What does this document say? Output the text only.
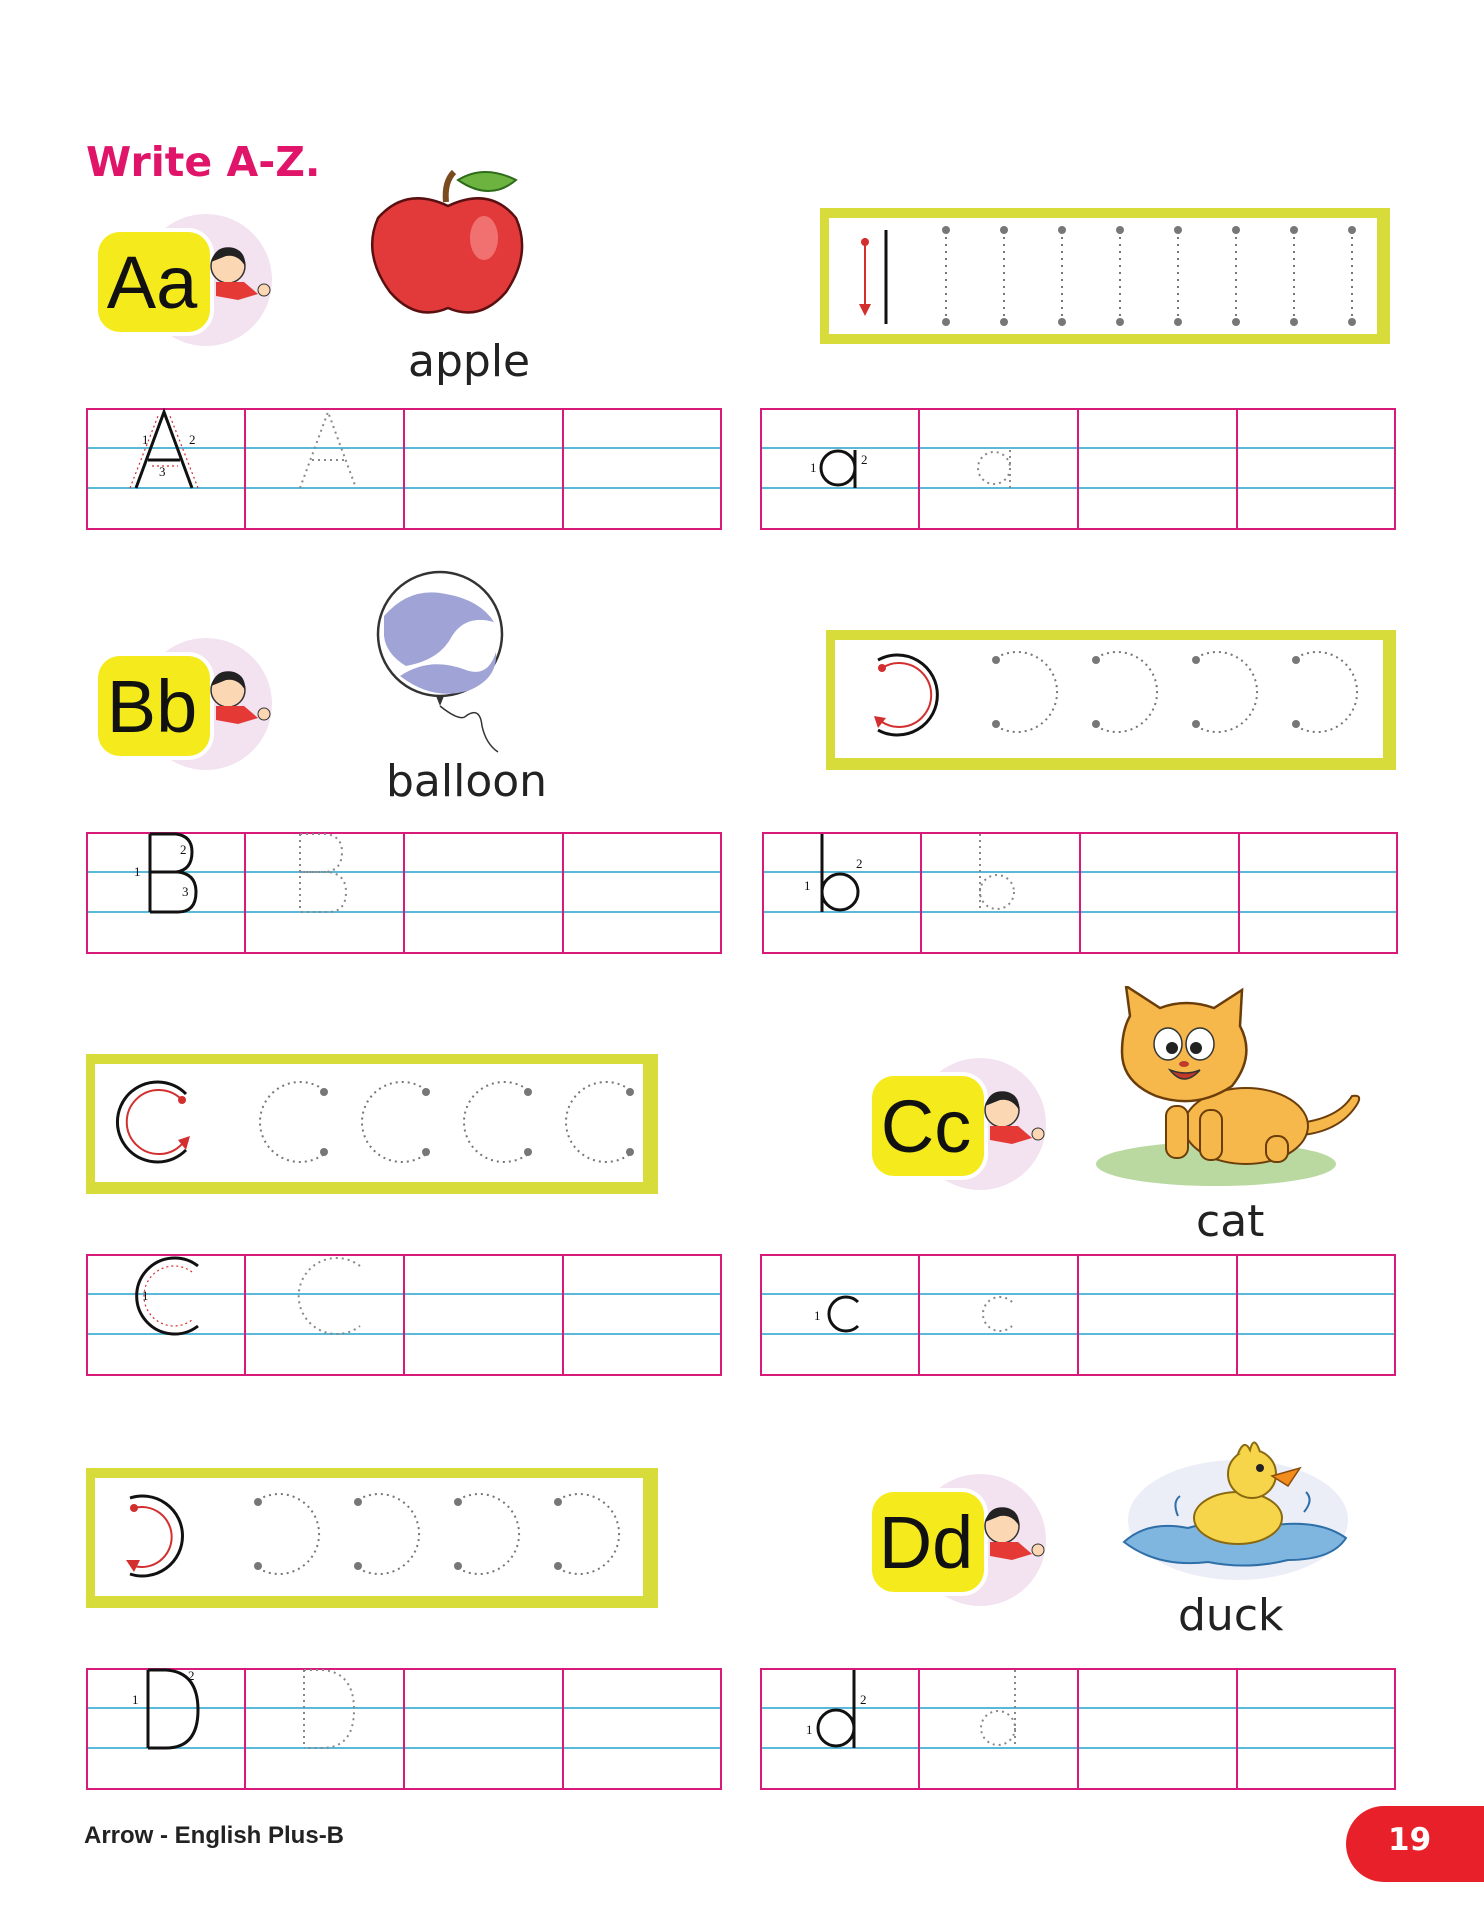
Write A-Z.
Aa
apple
1	2
3	1
2
Bb
balloon
1
2
3	1
2
Cc
cat
1
1
Dd
duck
1
2
1
2
Arrow - English Plus-B	19
